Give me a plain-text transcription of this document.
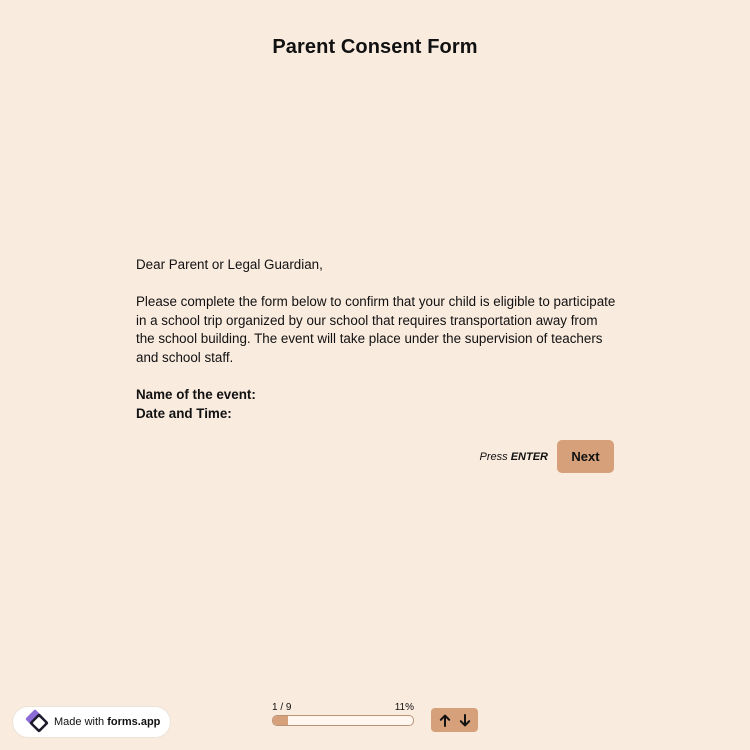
Parent Consent Form

Dear Parent or Legal Guardian,

Please complete the form below to confirm that your child is eligible to participate in a school trip organized by our school that requires transportation away from the school building. The event will take place under the supervision of teachers and school staff.

Name of the event:
Date and Time:
Press ENTER	Next
Made with
forms.app
1 / 9	11%
